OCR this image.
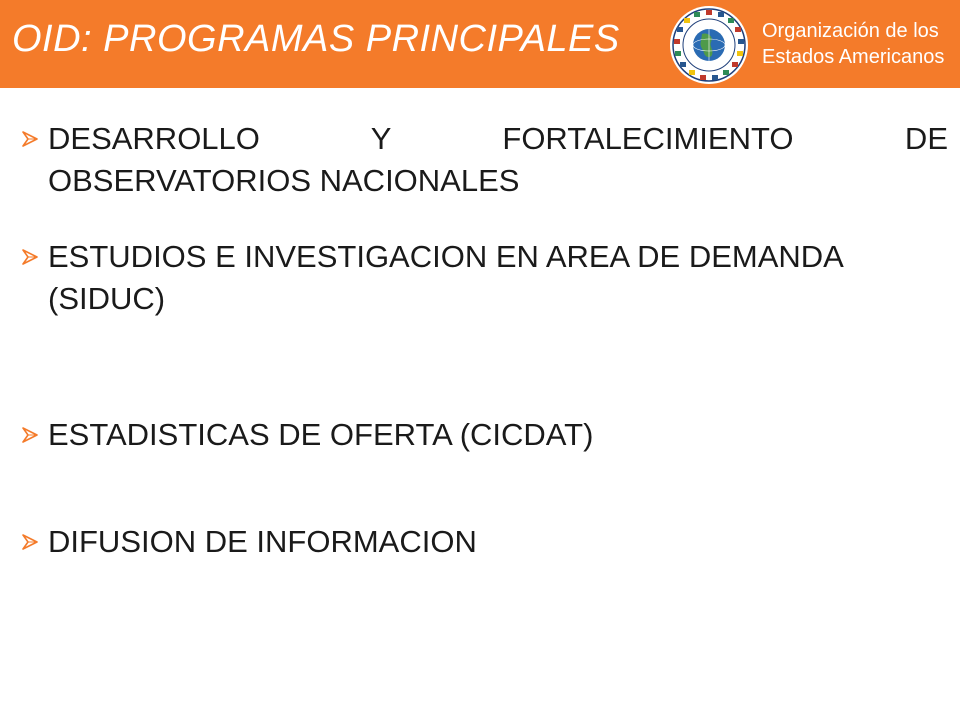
OID: PROGRAMAS PRINCIPALES	Organización de los
Estados Americanos
DESARROLLO Y FORTALECIMIENTO DE
OBSERVATORIOS NACIONALES
ESTUDIOS E INVESTIGACION EN AREA DE DEMANDA
(SIDUC)
ESTADISTICAS DE OFERTA (CICDAT)
DIFUSION DE INFORMACION
